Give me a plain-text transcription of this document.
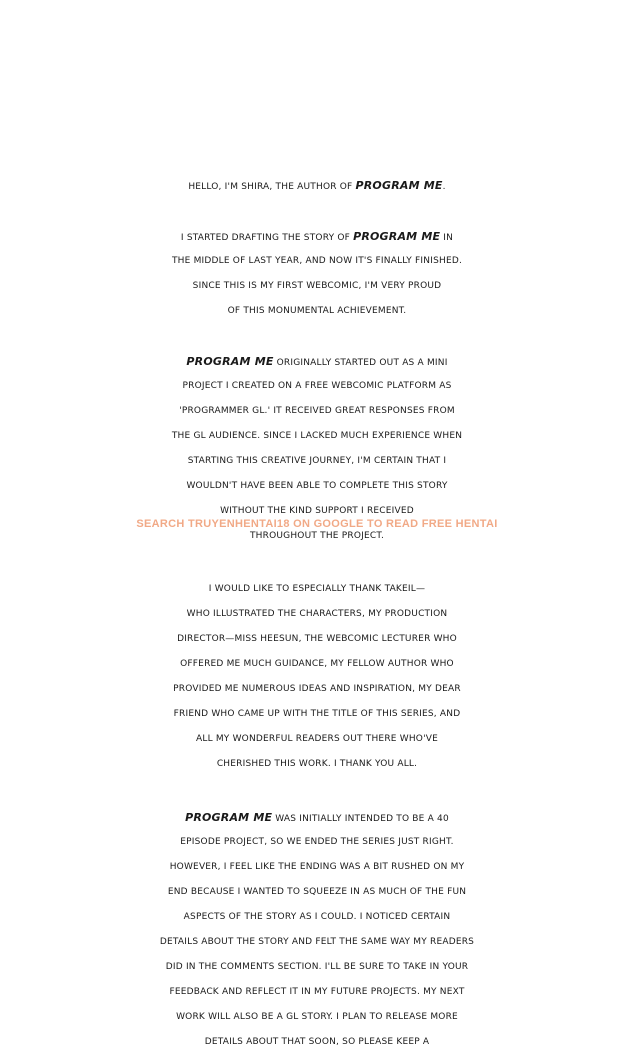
HELLO, I'M SHIRA, THE AUTHOR OF PROGRAM ME.
I STARTED DRAFTING THE STORY OF PROGRAM ME IN
THE MIDDLE OF LAST YEAR, AND NOW IT'S FINALLY FINISHED.
SINCE THIS IS MY FIRST WEBCOMIC, I'M VERY PROUD
OF THIS MONUMENTAL ACHIEVEMENT.
PROGRAM ME ORIGINALLY STARTED OUT AS A MINI
PROJECT I CREATED ON A FREE WEBCOMIC PLATFORM AS
'PROGRAMMER GL.' IT RECEIVED GREAT RESPONSES FROM
THE GL AUDIENCE. SINCE I LACKED MUCH EXPERIENCE WHEN
STARTING THIS CREATIVE JOURNEY, I'M CERTAIN THAT I
WOULDN'T HAVE BEEN ABLE TO COMPLETE THIS STORY
WITHOUT THE KIND SUPPORT I RECEIVED
THROUGHOUT THE PROJECT.
I WOULD LIKE TO ESPECIALLY THANK TAKEIL—
WHO ILLUSTRATED THE CHARACTERS, MY PRODUCTION
DIRECTOR—MISS HEESUN, THE WEBCOMIC LECTURER WHO
OFFERED ME MUCH GUIDANCE, MY FELLOW AUTHOR WHO
PROVIDED ME NUMEROUS IDEAS AND INSPIRATION, MY DEAR
FRIEND WHO CAME UP WITH THE TITLE OF THIS SERIES, AND
ALL MY WONDERFUL READERS OUT THERE WHO'VE
CHERISHED THIS WORK. I THANK YOU ALL.
PROGRAM ME WAS INITIALLY INTENDED TO BE A 40
EPISODE PROJECT, SO WE ENDED THE SERIES JUST RIGHT.
HOWEVER, I FEEL LIKE THE ENDING WAS A BIT RUSHED ON MY
END BECAUSE I WANTED TO SQUEEZE IN AS MUCH OF THE FUN
ASPECTS OF THE STORY AS I COULD. I NOTICED CERTAIN
DETAILS ABOUT THE STORY AND FELT THE SAME WAY MY READERS
DID IN THE COMMENTS SECTION. I'LL BE SURE TO TAKE IN YOUR
FEEDBACK AND REFLECT IT IN MY FUTURE PROJECTS. MY NEXT
WORK WILL ALSO BE A GL STORY. I PLAN TO RELEASE MORE
DETAILS ABOUT THAT SOON, SO PLEASE KEEP A
SEARCH TRUYENHENTAI18 ON GOOGLE TO READ FREE HENTAI
